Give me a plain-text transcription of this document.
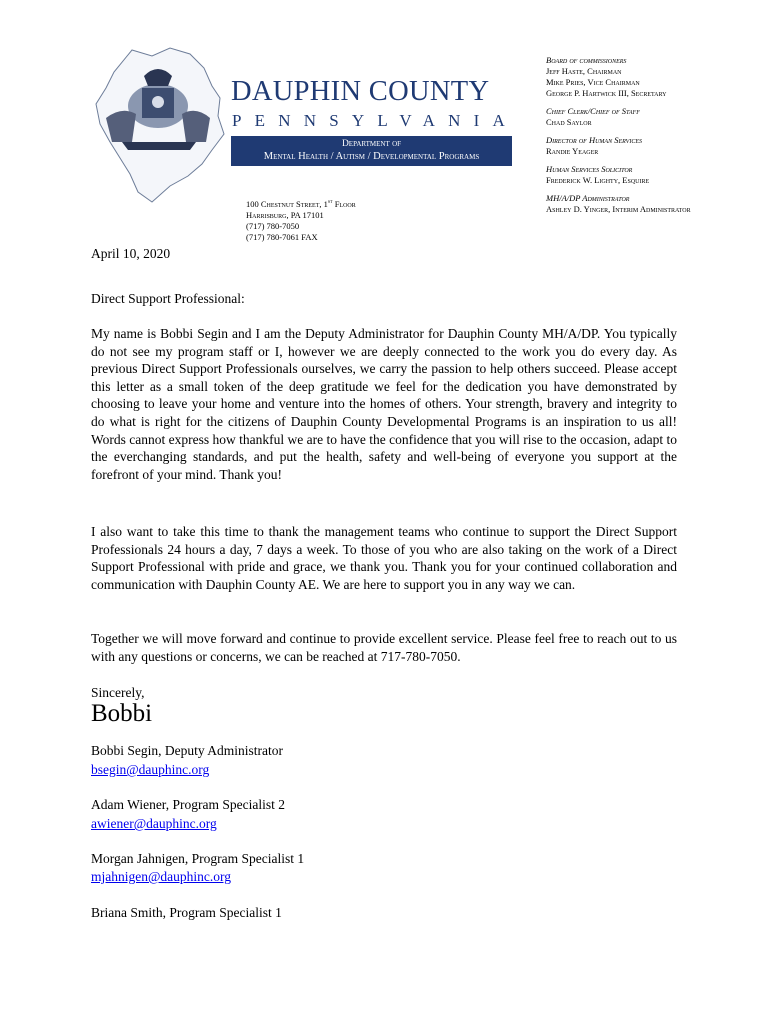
DAUPHIN COUNTY
PENNSYLVANIA
Department of
Mental Health / Autism / Developmental Programs
100 Chestnut Street, 1st Floor
Harrisburg, PA 17101
(717) 780-7050
(717) 780-7061 FAX
Board of commissioners
Jeff Haste, Chairman
Mike Pries, Vice Chairman
George P. Hartwick III, Secretary
Chief Clerk/Chief of Staff
Chad Saylor
Director of Human Services
Randie Yeager
Human Services Solicitor
Frederick W. Lighty, Esquire
MH/A/DP Administrator
Ashley D. Yinger, Interim Administrator
April 10, 2020
Direct Support Professional:

My name is Bobbi Segin and I am the Deputy Administrator for Dauphin County MH/A/DP. You typically do not see my program staff or I, however we are deeply connected to the work you do every day. As previous Direct Support Professionals ourselves, we carry the passion to help others succeed. Please accept this letter as a small token of the deep gratitude we feel for the dedication you have demonstrated by choosing to leave your home and venture into the homes of others. Your strength, bravery and integrity to do what is right for the citizens of Dauphin County Developmental Programs is an inspiration to us all! Words cannot express how thankful we are to have the confidence that you will rise to the occasion, adapt to the everchanging standards, and put the health, safety and well-being of everyone you support at the forefront of your mind. Thank you!

I also want to take this time to thank the management teams who continue to support the Direct Support Professionals 24 hours a day, 7 days a week. To those of you who are also taking on the work of a Direct Support Professional with pride and grace, we thank you. Thank you for your continued collaboration and communication with Dauphin County AE. We are here to support you in any way we can.

Together we will move forward and continue to provide excellent service. Please feel free to reach out to us with any questions or concerns, we can be reached at 717-780-7050.

Sincerely,
Bobbi
Bobbi Segin, Deputy Administrator
bsegin@dauphinc.org
Adam Wiener, Program Specialist 2
awiener@dauphinc.org
Morgan Jahnigen, Program Specialist 1
mjahnigen@dauphinc.org
Briana Smith, Program Specialist 1
